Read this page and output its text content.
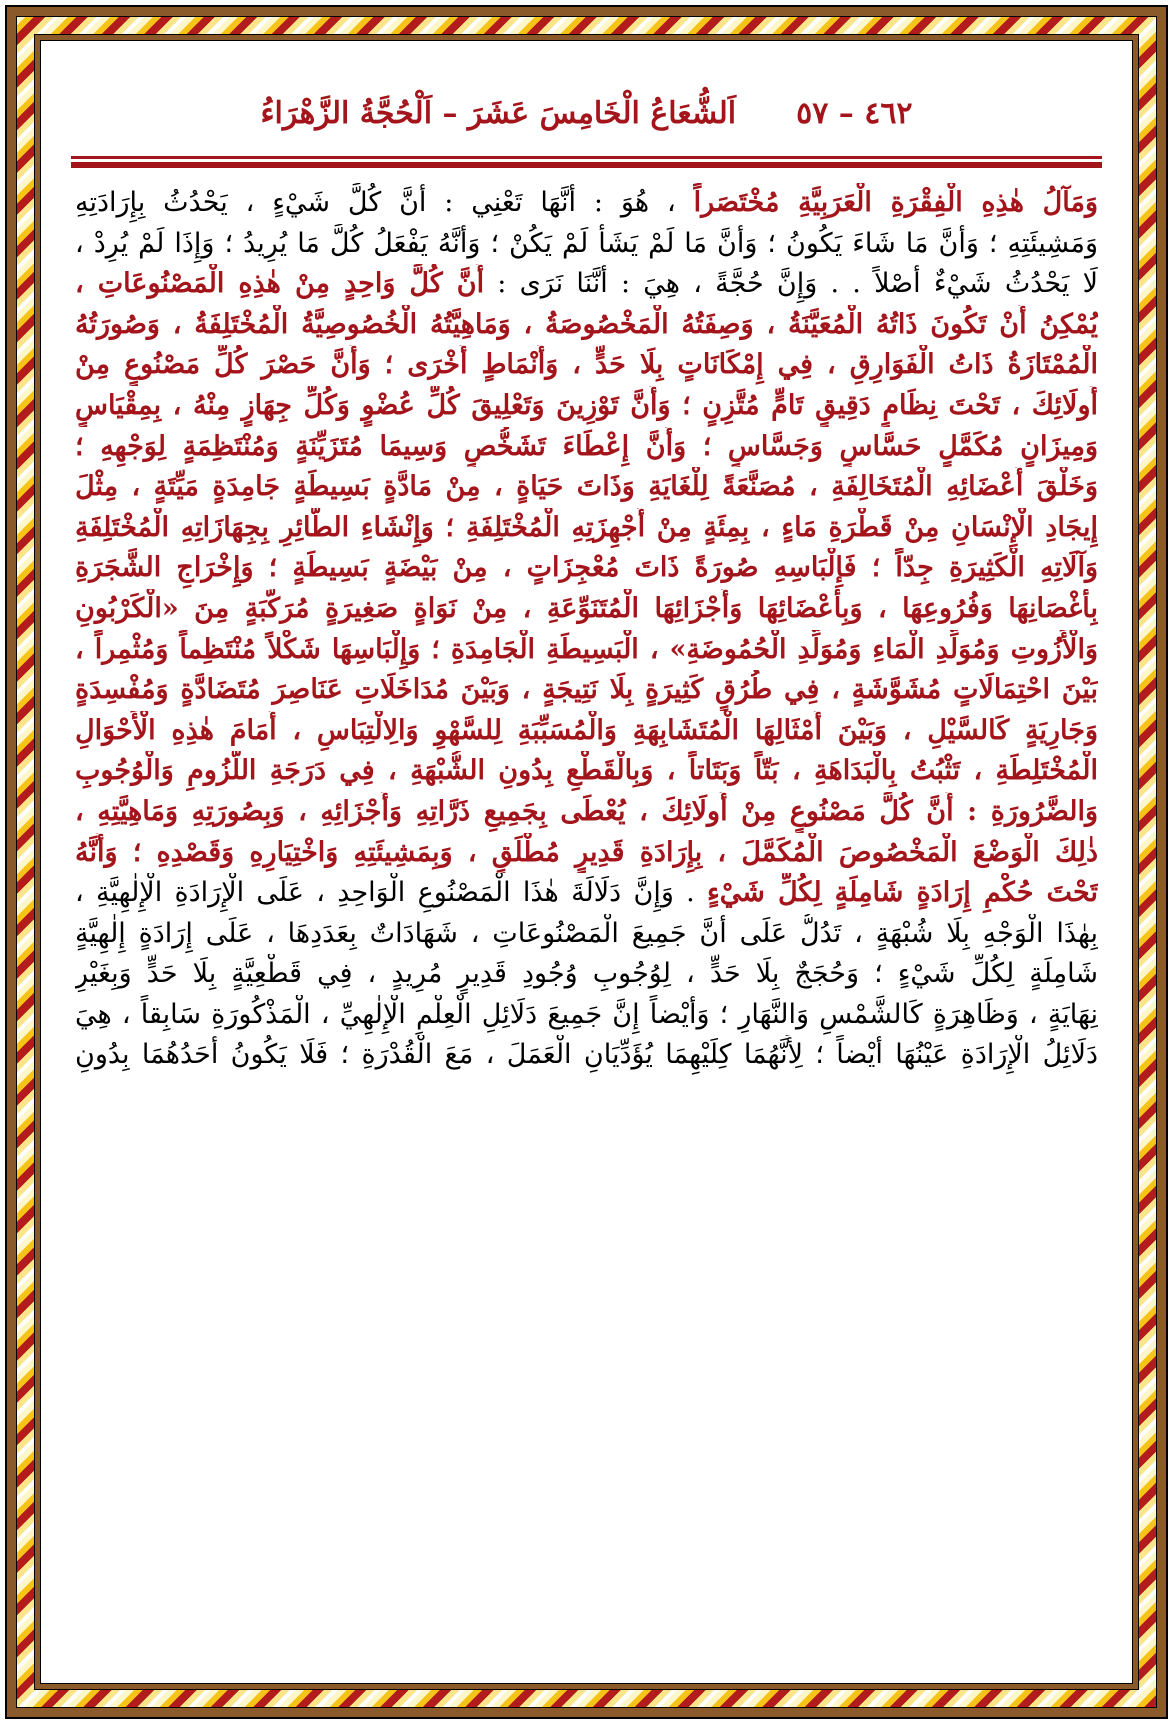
٤٦٢ – ٥٧
اَلشُّعَاعُ الْخَامِسَ عَشَرَ – اَلْحُجَّةُ الزَّهْرَاءُ
وَمَآلُ هٰذِهِ الْفِقْرَةِ الْعَرَبِيَّةِ مُخْتَصَراً ، هُوَ : أَنَّهَا تَعْنِي : أَنَّ كُلَّ شَيْءٍ ، يَحْدُثُ بِإِرَادَتِهِ
وَمَشِيئَتِهِ ؛ وَأَنَّ مَا شَاءَ يَكُونُ ؛ وَأَنَّ مَا لَمْ يَشَأْ لَمْ يَكُنْ ؛ وَأَنَّهُ يَفْعَلُ كُلَّ مَا يُرِيدُ ؛ وَإِذَا لَمْ يُرِدْ ،
لَا يَحْدُثُ شَيْءٌ أَصْلاً . . وَإِنَّ حُجَّةً ، هِيَ : أَنَّنَا نَرَى : أَنَّ كُلَّ وَاحِدٍ مِنْ هٰذِهِ الْمَصْنُوعَاتِ ،
يُمْكِنُ أَنْ تَكُونَ ذَاتُهُ الْمُعَيَّنَةُ ، وَصِفَتُهُ الْمَخْصُوصَةُ ، وَمَاهِيَّتُهُ الْخُصُوصِيَّةُ الْمُخْتَلِفَةُ ، وَصُورَتُهُ
الْمُمْتَازَةُ ذَاتُ الْفَوَارِقِ ، فِي إِمْكَانَاتٍ بِلَا حَدٍّ ، وَأَنْمَاطٍ أُخْرَى ؛ وَأَنَّ حَصْرَ كُلِّ مَصْنُوعٍ مِنْ
أُولَائِكَ ، تَحْتَ نِظَامٍ دَقِيقٍ تَامٍّ مُتَّزِنٍ ؛ وَأَنَّ تَوْزِينَ وَتَعْلِيقَ كُلِّ عُضْوٍ وَكُلِّ جِهَازٍ مِنْهُ ، بِمِقْيَاسٍ
وَمِيزَانٍ مُكَمَّلٍ حَسَّاسٍ وَجَسَّاسٍ ؛ وَأَنَّ إِعْطَاءَ تَشَخُّصٍ وَسِيمَا مُتَزَيِّنَةٍ وَمُنْتَظِمَةٍ لِوَجْهِهِ ؛
وَخَلْقَ أَعْضَائِهِ الْمُتَخَالِفَةِ ، مُصَنَّعَةً لِلْغَايَةِ وَذَاتَ حَيَاةٍ ، مِنْ مَادَّةٍ بَسِيطَةٍ جَامِدَةٍ مَيِّتَةٍ ، مِثْلَ
إِيجَادِ الْإِنْسَانِ مِنْ قَطْرَةِ مَاءٍ ، بِمِئَةٍ مِنْ أَجْهِزَتِهِ الْمُخْتَلِفَةِ ؛ وَإِنْشَاءِ الطَّائِرِ بِجِهَازَاتِهِ الْمُخْتَلِفَةِ
وَآلَاتِهِ الْكَثِيرَةِ جِدّاً ؛ فَإِلْبَاسِهِ صُورَةً ذَاتَ مُعْجِزَاتٍ ، مِنْ بَيْضَةٍ بَسِيطَةٍ ؛ وَإِخْرَاجِ الشَّجَرَةِ
بِأَغْصَانِهَا وَفُرُوعِهَا ، وَبِأَعْضَائِهَا وَأَجْزَائِهَا الْمُتَنَوِّعَةِ ، مِنْ نَوَاةٍ صَغِيرَةٍ مُرَكَّبَةٍ مِنَ «الْكَرْبُونِ
وَالْأَزُوتِ وَمُوَلِّدِ الْمَاءِ وَمُوَلِّدِ الْحُمُوضَةِ» ، الْبَسِيطَةِ الْجَامِدَةِ ؛ وَإِلْبَاسِهَا شَكْلاً مُنْتَظِماً وَمُثْمِراً ،
بَيْنَ احْتِمَالَاتٍ مُشَوَّشَةٍ ، فِي طُرُقٍ كَثِيرَةٍ بِلَا نَتِيجَةٍ ، وَبَيْنَ مُدَاخَلَاتِ عَنَاصِرَ مُتَضَادَّةٍ وَمُفْسِدَةٍ
وَجَارِيَةٍ كَالسَّيْلِ ، وَبَيْنَ أَمْثَالِهَا الْمُتَشَابِهَةِ وَالْمُسَبِّبَةِ لِلسَّهْوِ وَالِالْتِبَاسِ ، أَمَامَ هٰذِهِ الْأَحْوَالِ
الْمُخْتَلِطَةِ ، تَثْبُتُ بِالْبَدَاهَةِ ، بَتّاً وَبَتَاتاً ، وَبِالْقَطْعِ بِدُونِ الشُّبْهَةِ ، فِي دَرَجَةِ اللُّزُومِ وَالْوُجُوبِ
وَالضَّرُورَةِ : أَنَّ كُلَّ مَصْنُوعٍ مِنْ أُولَائِكَ ، يُعْطَى بِجَمِيعِ ذَرَّاتِهِ وَأَجْزَائِهِ ، وَبِصُورَتِهِ وَمَاهِيَّتِهِ ،
ذٰلِكَ الْوَضْعَ الْمَخْصُوصَ الْمُكَمَّلَ ، بِإِرَادَةِ قَدِيرٍ مُطْلَقٍ ، وَبِمَشِيئَتِهِ وَاخْتِيَارِهِ وَقَصْدِهِ ؛ وَأَنَّهُ
تَحْتَ حُكْمِ إِرَادَةٍ شَامِلَةٍ لِكُلِّ شَيْءٍ . وَإِنَّ دَلَالَةَ هٰذَا الْمَصْنُوعِ الْوَاحِدِ ، عَلَى الْإِرَادَةِ الْإِلٰهِيَّةِ ،
بِهٰذَا الْوَجْهِ بِلَا شُبْهَةٍ ، تَدُلُّ عَلَى أَنَّ جَمِيعَ الْمَصْنُوعَاتِ ، شَهَادَاتٌ بِعَدَدِهَا ، عَلَى إِرَادَةٍ إِلٰهِيَّةٍ
شَامِلَةٍ لِكُلِّ شَيْءٍ ؛ وَحُجَجٌ بِلَا حَدٍّ ، لِوُجُوبِ وُجُودِ قَدِيرٍ مُرِيدٍ ، فِي قَطْعِيَّةٍ بِلَا حَدٍّ وَبِغَيْرِ
نِهَايَةٍ ، وَظَاهِرَةٍ كَالشَّمْسِ وَالنَّهَارِ ؛ وَأَيْضاً إِنَّ جَمِيعَ دَلَائِلِ الْعِلْمِ الْإِلٰهِيِّ ، الْمَذْكُورَةِ سَابِقاً ، هِيَ
دَلَائِلُ الْإِرَادَةِ عَيْنُهَا أَيْضاً ؛ لِأَنَّهُمَا كِلَيْهِمَا يُؤَدِّيَانِ الْعَمَلَ ، مَعَ الْقُدْرَةِ ؛ فَلَا يَكُونُ أَحَدُهُمَا بِدُونِ
